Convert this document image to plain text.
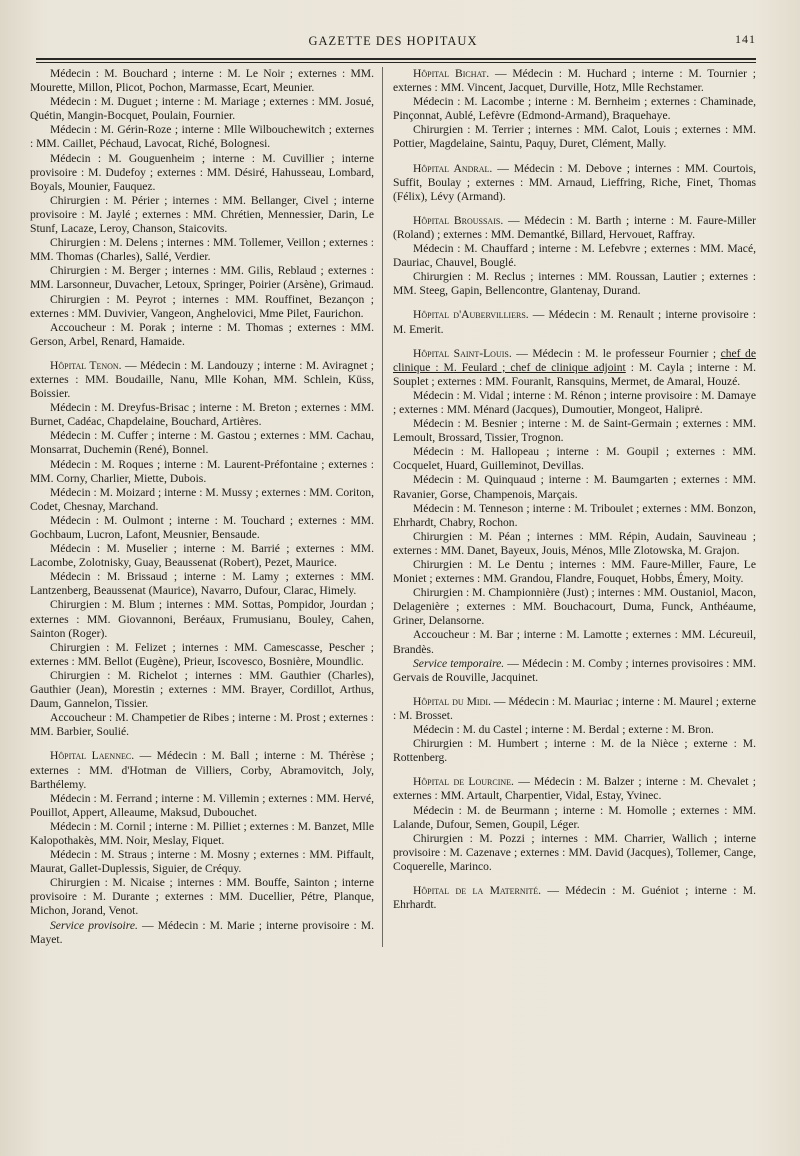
GAZETTE DES HOPITAUX	141

Médecin : M. Bouchard ; interne : M. Le Noir ; externes : MM. Mourette, Millon, Plicot, Pochon, Marmasse, Ecart, Meunier.

Médecin : M. Duguet ; interne : M. Mariage ; externes : MM. Josué, Quétin, Mangin-Bocquet, Poulain, Fournier.

Médecin : M. Gérin-Roze ; interne : Mlle Wilbouchewitch ; externes : MM. Caillet, Péchaud, Lavocat, Riché, Bolognesi.

Médecin : M. Gouguenheim ; interne : M. Cuvillier ; interne provisoire : M. Dudefoy ; externes : MM. Désiré, Hahusseau, Lombard, Boyals, Mounier, Fauquez.

Chirurgien : M. Périer ; internes : MM. Bellanger, Civel ; interne provisoire : M. Jaylé ; externes : MM. Chrétien, Mennessier, Darin, Le Stunf, Lacaze, Leroy, Chanson, Staicovits.

Chirurgien : M. Delens ; internes : MM. Tollemer, Veillon ; externes : MM. Thomas (Charles), Sallé, Verdier.

Chirurgien : M. Berger ; internes : MM. Gilis, Reblaud ; externes : MM. Larsonneur, Duvacher, Letoux, Springer, Poirier (Arsène), Grimaud.

Chirurgien : M. Peyrot ; internes : MM. Rouffinet, Bezançon ; externes : MM. Duvivier, Vangeon, Anghelovici, Mme Pilet, Faurichon.

Accoucheur : M. Porak ; interne : M. Thomas ; externes : MM. Gerson, Arbel, Renard, Hamaide.

Hôpital Tenon. — Médecin : M. Landouzy ; interne : M. Aviragnet ; externes : MM. Boudaille, Nanu, Mlle Kohan, MM. Schlein, Küss, Boissier.

Médecin : M. Dreyfus-Brisac ; interne : M. Breton ; externes : MM. Burnet, Cadéac, Chapdelaine, Bouchard, Artières.

Médecin : M. Cuffer ; interne : M. Gastou ; externes : MM. Cachau, Monsarrat, Duchemin (René), Bonnel.

Médecin : M. Roques ; interne : M. Laurent-Préfontaine ; externes : MM. Corny, Charlier, Miette, Dubois.

Médecin : M. Moizard ; interne : M. Mussy ; externes : MM. Coriton, Codet, Chesnay, Marchand.

Médecin : M. Oulmont ; interne : M. Touchard ; externes : MM. Gochbaum, Lucron, Lafont, Meusnier, Bensaude.

Médecin : M. Muselier ; interne : M. Barrié ; externes : MM. Lacombe, Zolotnisky, Guay, Beaussenat (Robert), Pezet, Maurice.

Médecin : M. Brissaud ; interne : M. Lamy ; externes : MM. Lantzenberg, Beaussenat (Maurice), Navarro, Dufour, Clarac, Himely.

Chirurgien : M. Blum ; internes : MM. Sottas, Pompidor, Jourdan ; externes : MM. Giovannoni, Beréaux, Frumusianu, Bouley, Cahen, Sainton (Roger).

Chirurgien : M. Felizet ; internes : MM. Camescasse, Pescher ; externes : MM. Bellot (Eugène), Prieur, Iscovesco, Bosnière, Moundlic.

Chirurgien : M. Richelot ; internes : MM. Gauthier (Charles), Gauthier (Jean), Morestin ; externes : MM. Brayer, Cordillot, Arthus, Daum, Gannelon, Tissier.

Accoucheur : M. Champetier de Ribes ; interne : M. Prost ; externes : MM. Barbier, Soulié.

Hôpital Laennec. — Médecin : M. Ball ; interne : M. Thérèse ; externes : MM. d'Hotman de Villiers, Corby, Abramovitch, Joly, Barthélemy.

Médecin : M. Ferrand ; interne : M. Villemin ; externes : MM. Hervé, Pouillot, Appert, Alleaume, Maksud, Dubouchet.

Médecin : M. Cornil ; interne : M. Pilliet ; externes : M. Banzet, Mlle Kalopothakès, MM. Noir, Meslay, Fiquet.

Médecin : M. Straus ; interne : M. Mosny ; externes : MM. Piffault, Maurat, Gallet-Duplessis, Siguier, de Créquy.

Chirurgien : M. Nicaise ; internes : MM. Bouffe, Sainton ; interne provisoire : M. Durante ; externes : MM. Ducellier, Pétre, Planque, Michon, Jorand, Venot.

Service provisoire. — Médecin : M. Marie ; interne provisoire : M. Mayet.

Hôpital Bichat. — Médecin : M. Huchard ; interne : M. Tournier ; externes : MM. Vincent, Jacquet, Durville, Hotz, Mlle Rechstamer.

Médecin : M. Lacombe ; interne : M. Bernheim ; externes : Chaminade, Pinçonnat, Aublé, Lefèvre (Edmond-Armand), Braquehaye.

Chirurgien : M. Terrier ; internes : MM. Calot, Louis ; externes : MM. Pottier, Magdelaine, Saintu, Paquy, Duret, Clément, Mally.

Hôpital Andral. — Médecin : M. Debove ; internes : MM. Courtois, Suffit, Boulay ; externes : MM. Arnaud, Lieffring, Riche, Finet, Thomas (Félix), Lévy (Armand).

Hôpital Broussais. — Médecin : M. Barth ; interne : M. Faure-Miller (Roland) ; externes : MM. Demantké, Billard, Hervouet, Raffray.

Médecin : M. Chauffard ; interne : M. Lefebvre ; externes : MM. Macé, Dauriac, Chauvel, Bouglé.

Chirurgien : M. Reclus ; internes : MM. Roussan, Lautier ; externes : MM. Steeg, Gapin, Bellencontre, Glantenay, Durand.

Hôpital d'Aubervilliers. — Médecin : M. Renault ; interne provisoire : M. Emerit.

Hôpital Saint-Louis. — Médecin : M. le professeur Fournier ; chef de clinique : M. Feulard ; chef de clinique adjoint : M. Cayla ; interne : M. Souplet ; externes : MM. Fouranlt, Ransquins, Mermet, de Amaral, Houzé.

Médecin : M. Vidal ; interne : M. Rénon ; interne provisoire : M. Damaye ; externes : MM. Ménard (Jacques), Dumoutier, Mongeot, Haliprė.

Médecin : M. Besnier ; interne : M. de Saint-Germain ; externes : MM. Lemoult, Brossard, Tissier, Trognon.

Médecin : M. Hallopeau ; interne : M. Goupil ; externes : MM. Cocquelet, Huard, Guilleminot, Devillas.

Médecin : M. Quinquaud ; interne : M. Baumgarten ; externes : MM. Ravanier, Gorse, Champenois, Marçais.

Médecin : M. Tenneson ; interne : M. Triboulet ; externes : MM. Bonzon, Ehrhardt, Chabry, Rochon.

Chirurgien : M. Péan ; internes : MM. Répin, Audain, Sauvineau ; externes : MM. Danet, Bayeux, Jouis, Ménos, Mlle Zlotowska, M. Grajon.

Chirurgien : M. Le Dentu ; internes : MM. Faure-Miller, Faure, Le Moniet ; externes : MM. Grandou, Flandre, Fouquet, Hobbs, Émery, Moity.

Chirurgien : M. Championnière (Just) ; internes : MM. Oustaniol, Macon, Delagenière ; externes : MM. Bouchacourt, Duma, Funck, Anthéaume, Griner, Delansorne.

Accoucheur : M. Bar ; interne : M. Lamotte ; externes : MM. Lécureuil, Brandès.

Service temporaire. — Médecin : M. Comby ; internes provisoires : MM. Gervais de Rouville, Jacquinet.

Hôpital du Midi. — Médecin : M. Mauriac ; interne : M. Maurel ; externe : M. Brosset.

Médecin : M. du Castel ; interne : M. Berdal ; externe : M. Bron.

Chirurgien : M. Humbert ; interne : M. de la Nièce ; externe : M. Rottenberg.

Hôpital de Lourcine. — Médecin : M. Balzer ; interne : M. Chevalet ; externes : MM. Artault, Charpentier, Vidal, Estay, Yvinec.

Médecin : M. de Beurmann ; interne : M. Homolle ; externes : MM. Lalande, Dufour, Semen, Goupil, Léger.

Chirurgien : M. Pozzi ; internes : MM. Charrier, Wallich ; interne provisoire : M. Cazenave ; externes : MM. David (Jacques), Tollemer, Cange, Coquerelle, Marinco.

Hôpital de la Maternité. — Médecin : M. Guéniot ; interne : M. Ehrhardt.
